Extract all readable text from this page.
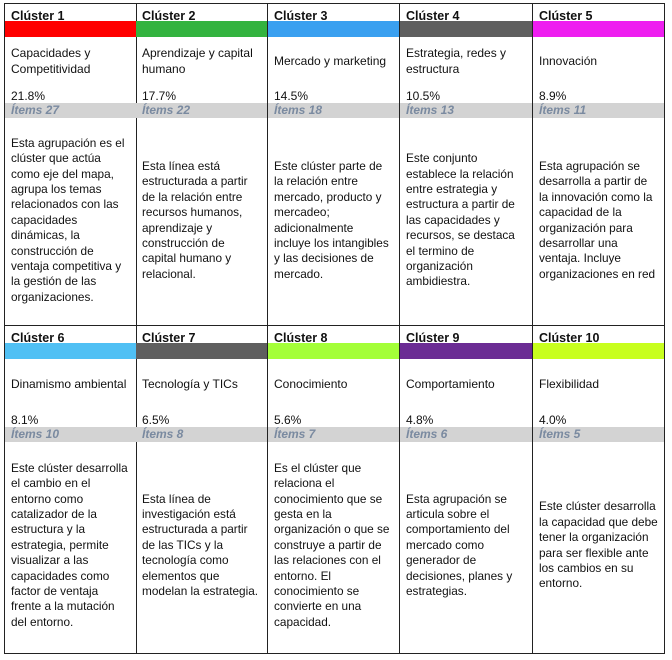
Clúster 1
Capacidades y Competitividad
21.8%
Ítems 27
Esta agrupación es el clúster que actúa como eje del mapa, agrupa los temas relacionados con las capacidades dinámicas, la construcción de ventaja competitiva y la gestión de las organizaciones.
Clúster 2
Aprendizaje y capital humano
17.7%
Ítems 22
Esta línea está estructurada a partir de la relación entre recursos humanos, aprendizaje y construcción de capital humano y relacional.
Clúster 3
Mercado y marketing
14.5%
Ítems 18
Este clúster parte de la relación entre mercado, producto y mercadeo; adicionalmente incluye los intangibles y las decisiones de mercado.
Clúster 4
Estrategia, redes y estructura
10.5%
Ítems 13
Este conjunto establece la relación entre estrategia y estructura a partir de las capacidades y recursos, se destaca el termino de organización ambidiestra.
Clúster 5
Innovación
8.9%
Ítems 11
Esta agrupación se desarrolla a partir de la innovación como la capacidad de la organización para desarrollar una ventaja. Incluye organizaciones en red
Clúster 6
Dinamismo ambiental
8.1%
Ítems 10
Este clúster desarrolla el cambio en el entorno como catalizador de la estructura y la estrategia, permite visualizar a las capacidades como factor de ventaja frente a la mutación del entorno.
Clúster 7
Tecnología y TICs
6.5%
Ítems 8
Esta línea de investigación está estructurada a partir de las TICs y la tecnología como elementos que modelan la estrategia.
Clúster 8
Conocimiento
5.6%
Ítems 7
Es el clúster que relaciona el conocimiento que se gesta en la organización o que se construye a partir de las relaciones con el entorno. El conocimiento se convierte en una capacidad.
Clúster 9
Comportamiento
4.8%
Ítems 6
Esta agrupación se articula sobre el comportamiento del mercado como generador de decisiones, planes y estrategias.
Clúster 10
Flexibilidad
4.0%
Ítems 5
Este clúster desarrolla la capacidad que debe tener la organización para ser flexible ante los cambios en su entorno.
